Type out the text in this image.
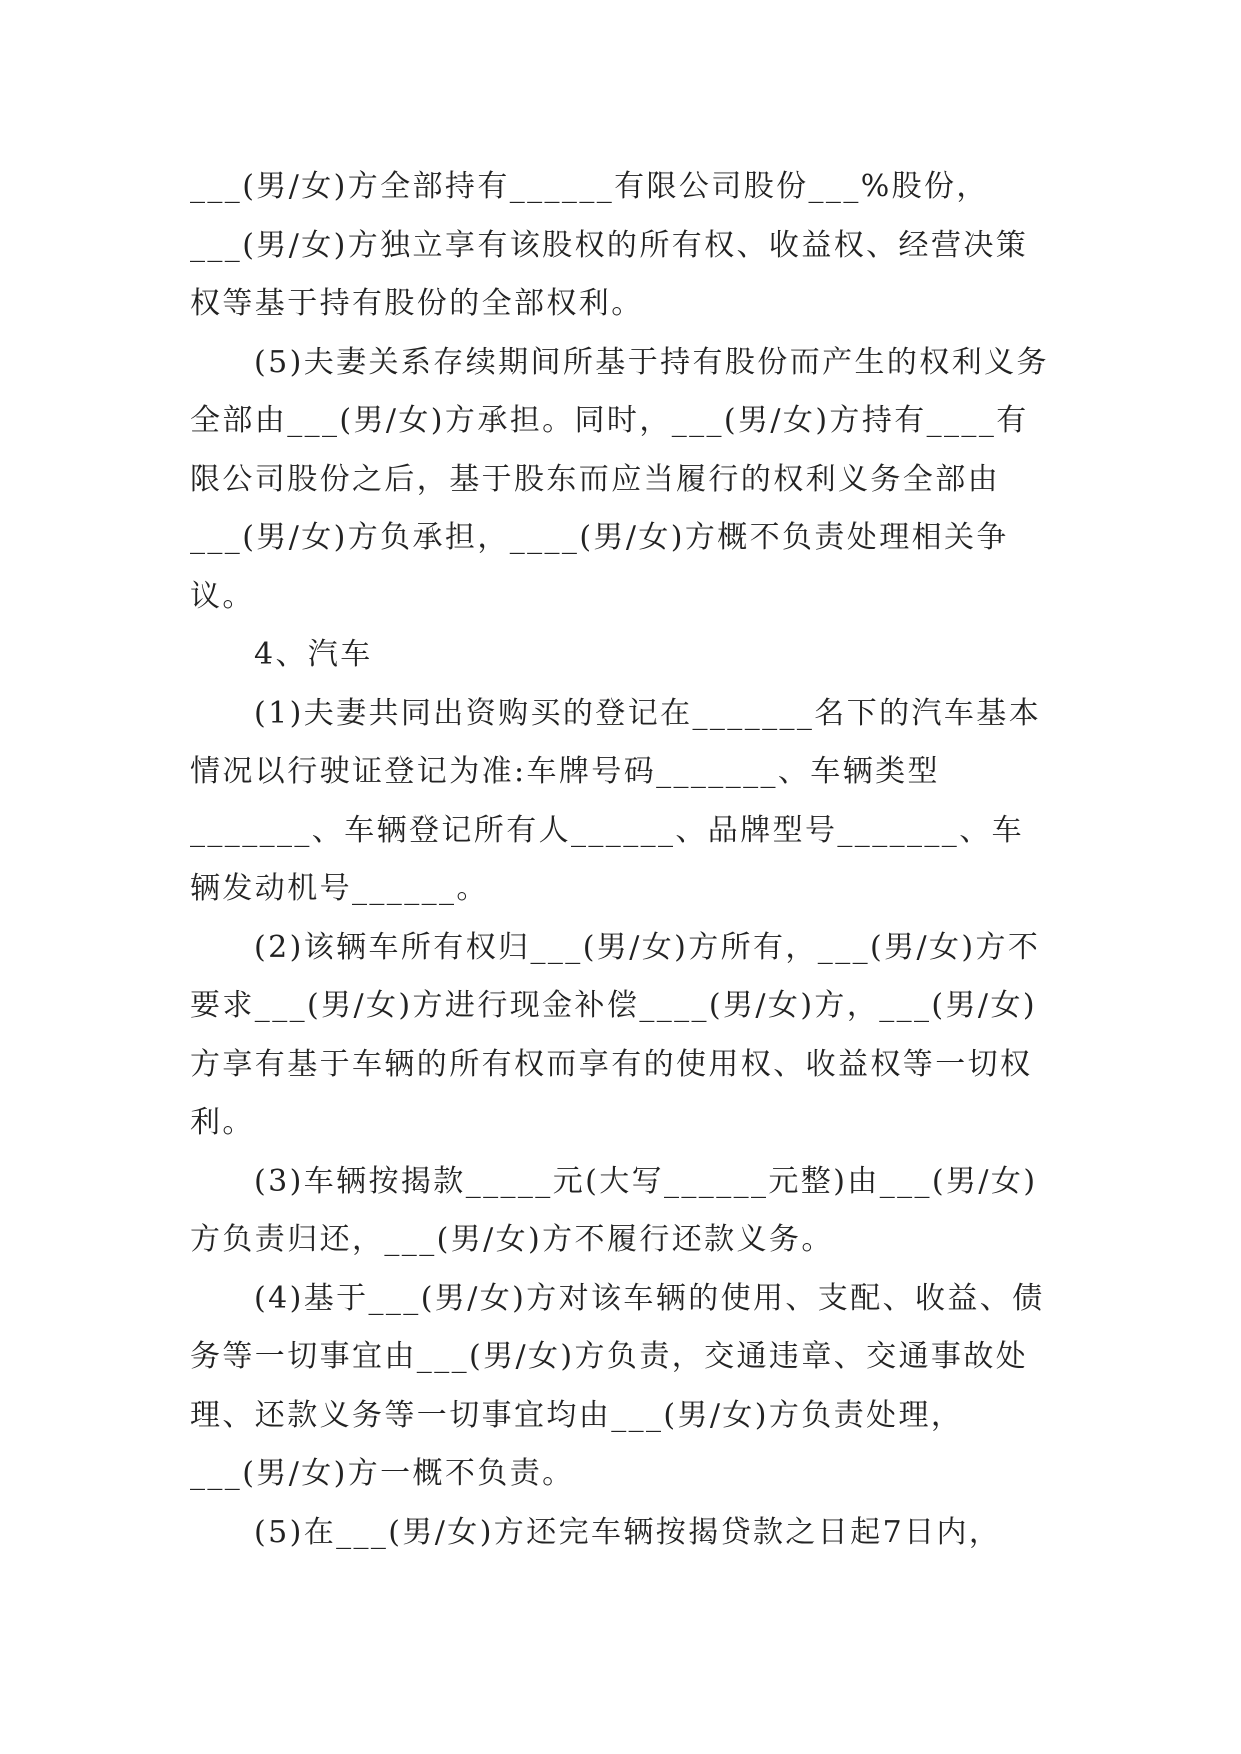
___(男/女)方全部持有______有限公司股份___%股份，___(男/女)方独立享有该股权的所有权、收益权、经营决策权等基于持有股份的全部权利。

(5)夫妻关系存续期间所基于持有股份而产生的权利义务全部由___(男/女)方承担。同时，___(男/女)方持有____有限公司股份之后，基于股东而应当履行的权利义务全部由___(男/女)方负承担，____(男/女)方概不负责处理相关争议。

4、汽车

(1)夫妻共同出资购买的登记在_______名下的汽车基本情况以行驶证登记为准:车牌号码_______、车辆类型_______、车辆登记所有人______、品牌型号_______、车辆发动机号______。

(2)该辆车所有权归___(男/女)方所有，___(男/女)方不要求___(男/女)方进行现金补偿____(男/女)方，___(男/女)方享有基于车辆的所有权而享有的使用权、收益权等一切权利。

(3)车辆按揭款_____元(大写______元整)由___(男/女)方负责归还，___(男/女)方不履行还款义务。

(4)基于___(男/女)方对该车辆的使用、支配、收益、债务等一切事宜由___(男/女)方负责，交通违章、交通事故处理、还款义务等一切事宜均由___(男/女)方负责处理，___(男/女)方一概不负责。

(5)在___(男/女)方还完车辆按揭贷款之日起7日内，
